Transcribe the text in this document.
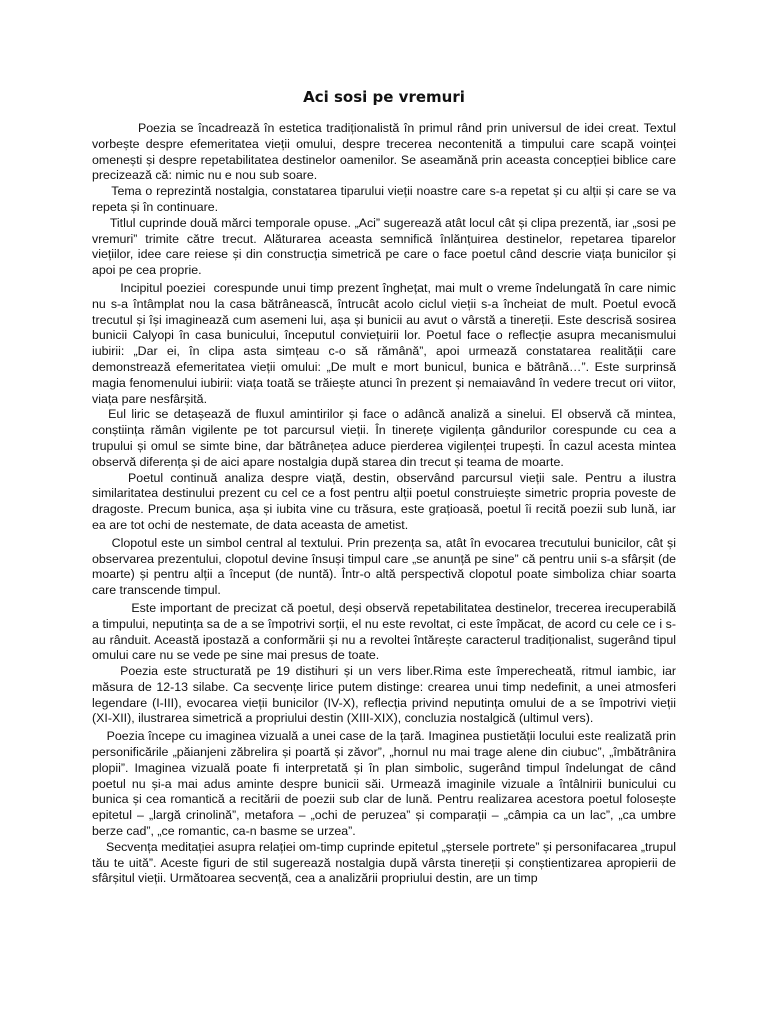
Aci sosi pe vremuri

Poezia se încadrează în estetica tradiționalistă în primul rând prin universul de idei creat. Textul vorbește despre efemeritatea vieții omului, despre trecerea necontenită a timpului care scapă voinței omenești și despre repetabilitatea destinelor oamenilor. Se aseamănă prin aceasta concepției biblice care precizează că: nimic nu e nou sub soare.

Tema o reprezintă nostalgia, constatarea tiparului vieții noastre care s-a repetat și cu alții și care se va repeta și în continuare.

Titlul cuprinde două mărci temporale opuse. „Aci” sugerează atât locul cât și clipa prezentă, iar „sosi pe vremuri” trimite către trecut. Alăturarea aceasta semnifică înlănțuirea destinelor, repetarea tiparelor viețiilor, idee care reiese și din construcția simetrică pe care o face poetul când descrie viața bunicilor și apoi pe cea proprie.

Incipitul poeziei  corespunde unui timp prezent înghețat, mai mult o vreme îndelungată în care nimic nu s-a întâmplat nou la casa bătrânească, întrucât acolo ciclul vieții s-a încheiat de mult. Poetul evocă trecutul și își imaginează cum asemeni lui, așa și bunicii au avut o vârstă a tinereții. Este descrisă sosirea bunicii Calyopi în casa bunicului, începutul conviețuirii lor. Poetul face o reflecție asupra mecanismului iubirii: „Dar ei, în clipa asta simțeau c-o să rămână”, apoi urmează constatarea realității care demonstrează efemeritatea vieții omului: „De mult e mort bunicul, bunica e bătrână…”. Este surprinsă magia fenomenului iubirii: viața toată se trăiește atunci în prezent și nemaiavând în vedere trecut ori viitor, viața pare nesfârșită.

Eul liric se detașează de fluxul amintirilor și face o adâncă analiză a sinelui. El observă că mintea, conștiința rămân vigilente pe tot parcursul vieții. În tinerețe vigilența gândurilor corespunde cu cea a trupului și omul se simte bine, dar bătrânețea aduce pierderea vigilenței trupești. În cazul acesta mintea observă diferența și de aici apare nostalgia după starea din trecut și teama de moarte.

Poetul continuă analiza despre viață, destin, observând parcursul vieții sale. Pentru a ilustra similaritatea destinului prezent cu cel ce a fost pentru alții poetul construiește simetric propria poveste de dragoste. Precum bunica, așa și iubita vine cu trăsura, este grațioasă, poetul îi recită poezii sub lună, iar ea are tot ochi de nestemate, de data aceasta de ametist.

Clopotul este un simbol central al textului. Prin prezența sa, atât în evocarea trecutului bunicilor, cât și observarea prezentului, clopotul devine însuși timpul care „se anunță pe sine” că pentru unii s-a sfârșit (de moarte) și pentru alții a început (de nuntă). Într-o altă perspectivă clopotul poate simboliza chiar soarta care transcende timpul.

Este important de precizat că poetul, deși observă repetabilitatea destinelor, trecerea irecuperabilă a timpului, neputința sa de a se împotrivi sorții, el nu este revoltat, ci este împăcat, de acord cu cele ce i s-au rânduit. Această ipostază a conformării și nu a revoltei întărește caracterul tradiționalist, sugerând tipul omului care nu se vede pe sine mai presus de toate.

Poezia este structurată pe 19 distihuri și un vers liber.Rima este împerecheată, ritmul iambic, iar măsura de 12-13 silabe. Ca secvențe lirice putem distinge: crearea unui timp nedefinit, a unei atmosferi legendare (I-III), evocarea vieții bunicilor (IV-X), reflecția privind neputința omului de a se împotrivi vieții (XI-XII), ilustrarea simetrică a propriului destin (XIII-XIX), concluzia nostalgică (ultimul vers).

Poezia începe cu imaginea vizuală a unei case de la țară. Imaginea pustietății locului este realizată prin personificările „păianjeni zăbrelira și poartă și zăvor”, „hornul nu mai trage alene din ciubuc”, „îmbătrânira plopii”. Imaginea vizuală poate fi interpretată și în plan simbolic, sugerând timpul îndelungat de când poetul nu și-a mai adus aminte despre bunicii săi. Urmează imaginile vizuale a întâlnirii bunicului cu bunica și cea romantică a recitării de poezii sub clar de lună. Pentru realizarea acestora poetul folosește epitetul – „largă crinolină”, metafora – „ochi de peruzea” și comparații – „câmpia ca un lac”, „ca umbre berze cad”, „ce romantic, ca-n basme se urzea”.

Secvența meditației asupra relației om-timp cuprinde epitetul „ștersele portrete” și personifacarea „trupul tău te uită”. Aceste figuri de stil sugerează nostalgia după vârsta tinereții și conștientizarea apropierii de sfârșitul vieții. Următoarea secvență, cea a analizării propriului destin, are un timp
